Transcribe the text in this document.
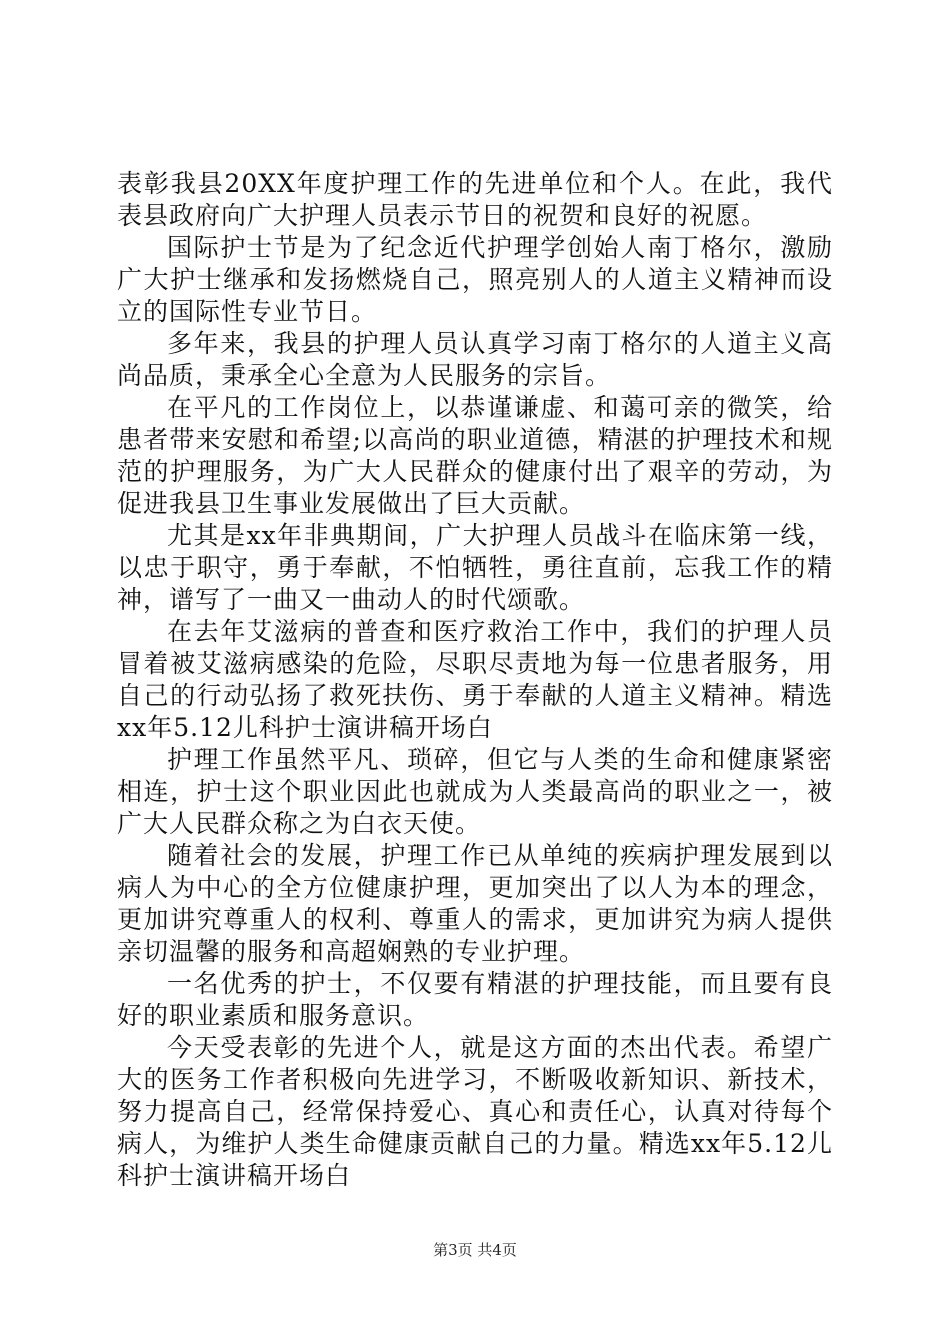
表彰我县20XX年度护理工作的先进单位和个人。在此，我代表县政府向广大护理人员表示节日的祝贺和良好的祝愿。

国际护士节是为了纪念近代护理学创始人南丁格尔，激励广大护士继承和发扬燃烧自己，照亮别人的人道主义精神而设立的国际性专业节日。

多年来，我县的护理人员认真学习南丁格尔的人道主义高尚品质，秉承全心全意为人民服务的宗旨。

在平凡的工作岗位上，以恭谨谦虚、和蔼可亲的微笑，给患者带来安慰和希望;以高尚的职业道德，精湛的护理技术和规范的护理服务，为广大人民群众的健康付出了艰辛的劳动，为促进我县卫生事业发展做出了巨大贡献。

尤其是xx年非典期间，广大护理人员战斗在临床第一线，以忠于职守，勇于奉献，不怕牺牲，勇往直前，忘我工作的精神，谱写了一曲又一曲动人的时代颂歌。

在去年艾滋病的普查和医疗救治工作中，我们的护理人员冒着被艾滋病感染的危险，尽职尽责地为每一位患者服务，用自己的行动弘扬了救死扶伤、勇于奉献的人道主义精神。精选xx年5.12儿科护士演讲稿开场白

护理工作虽然平凡、琐碎，但它与人类的生命和健康紧密相连，护士这个职业因此也就成为人类最高尚的职业之一，被广大人民群众称之为白衣天使。

随着社会的发展，护理工作已从单纯的疾病护理发展到以病人为中心的全方位健康护理，更加突出了以人为本的理念，更加讲究尊重人的权利、尊重人的需求，更加讲究为病人提供亲切温馨的服务和高超娴熟的专业护理。

一名优秀的护士，不仅要有精湛的护理技能，而且要有良好的职业素质和服务意识。

今天受表彰的先进个人，就是这方面的杰出代表。希望广大的医务工作者积极向先进学习，不断吸收新知识、新技术，努力提高自己，经常保持爱心、真心和责任心，认真对待每个病人，为维护人类生命健康贡献自己的力量。精选xx年5.12儿科护士演讲稿开场白

第3页 共4页
